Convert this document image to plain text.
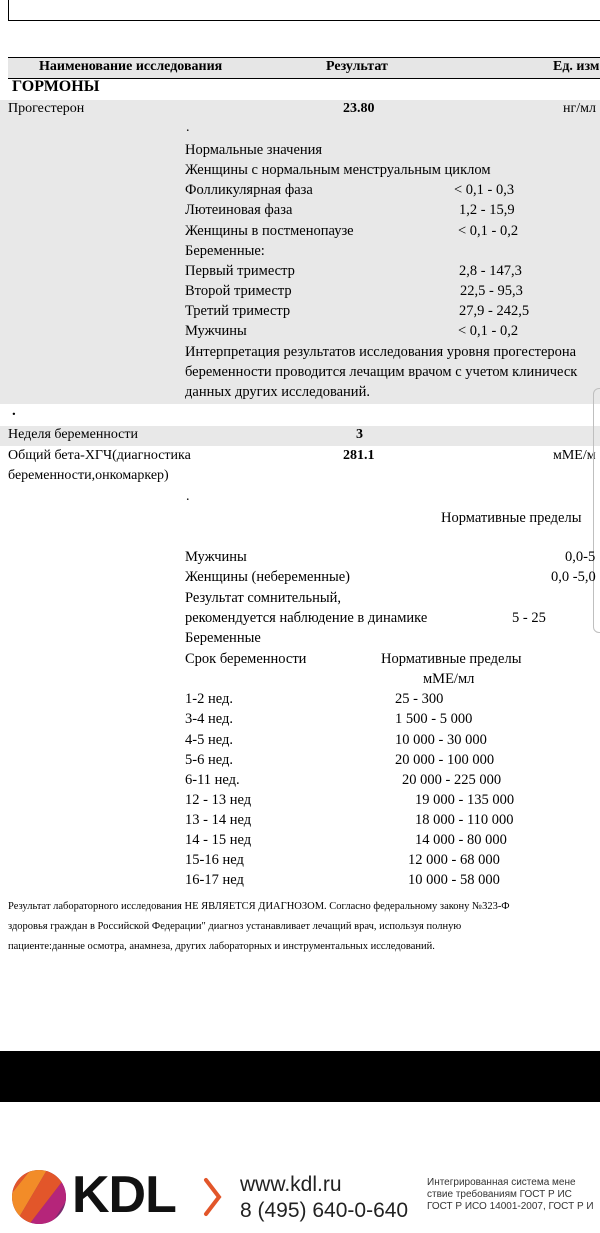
Наименование исследования	Результат	Ед. изм
ГОРМОНЫ
Прогестерон	23.80	нг/мл
.
Нормальные значения
Женщины с нормальным менструальным циклом
Фолликулярная фаза	< 0,1 - 0,3
Лютеиновая фаза	1,2 - 15,9
Женщины в постменопаузе	< 0,1 - 0,2
Беременные:
Первый триместр	2,8 - 147,3
Второй триместр	22,5 - 95,3
Третий триместр	27,9 - 242,5
Мужчины	< 0,1 - 0,2
Интерпретация результатов исследования уровня прогестерона
беременности проводится лечащим врачом с учетом клиническ
данных других исследований.
.
Неделя беременности	3
Общий бета-ХГЧ(диагностика
беременности,онкомаркер)
281.1	мМЕ/м
.
Нормативные пределы
Мужчины	0,0-5
Женщины (небеременные)	0,0 -5,0
Результат сомнительный,
рекомендуется наблюдение в динамике	5 - 25
Беременные
Срок беременности	Нормативные пределы
мМЕ/мл
1-2 нед.	25 - 300
3-4 нед.	1 500 - 5 000
4-5 нед.	10 000 - 30 000
5-6 нед.	20 000 - 100 000
6-11 нед.	20 000 - 225 000
12 - 13 нед	19 000 - 135 000
13 - 14 нед	18 000 - 110 000
14 - 15 нед	14 000 - 80 000
15-16 нед	12 000 - 68 000
16-17 нед	10 000 - 58 000

Результат лабораторного исследования НЕ ЯВЛЯЕТСЯ ДИАГНОЗОМ. Согласно федеральному закону №323-Ф

здоровья граждан в Российской Федерации" диагноз устанавливает лечащий врач, используя полную

пациенте:данные осмотра, анамнеза, других лабораторных и инструментальных исследований.

KDL	www.kdl.ru
8 (495) 640-0-640
Интегрированная система мене
ствие требованиям ГОСТ Р ИС
ГОСТ Р ИСО 14001-2007, ГОСТ Р И
